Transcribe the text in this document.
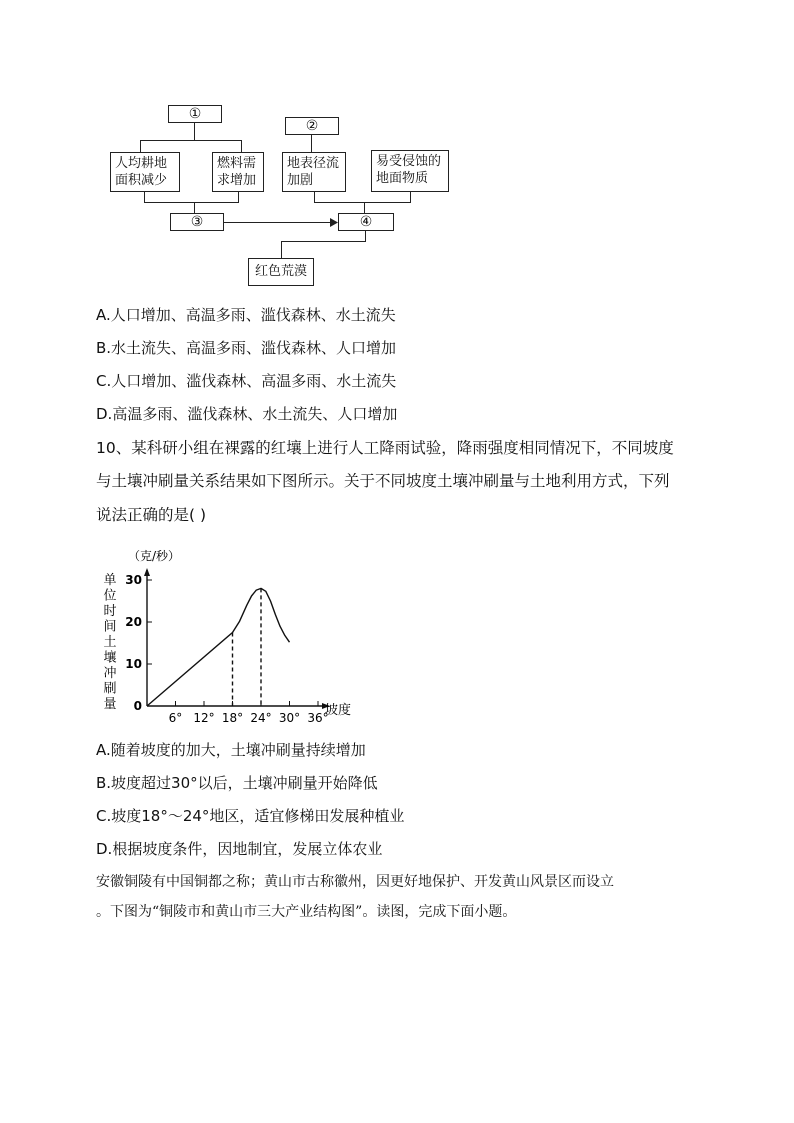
①
人均耕地
面积减少
燃料需
求增加
③
②
地表径流
加剧
易受侵蚀的
地面物质
④
红色荒漠
A.人口增加、高温多雨、滥伐森林、水土流失
B.水土流失、高温多雨、滥伐森林、人口增加
C.人口增加、滥伐森林、高温多雨、水土流失
D.高温多雨、滥伐森林、水土流失、人口增加
10、某科研小组在裸露的红壤上进行人工降雨试验，降雨强度相同情况下，不同坡度
与土壤冲刷量关系结果如下图所示。关于不同坡度土壤冲刷量与土地利用方式，下列
说法正确的是( )
（克/秒）
单
位
时
间
土
壤
冲
刷
量 0
10
20
30
6° 12° 18° 24° 30° 36°
坡度
A.随着坡度的加大，土壤冲刷量持续增加
B.坡度超过30°以后，土壤冲刷量开始降低
C.坡度18°～24°地区，适宜修梯田发展种植业
D.根据坡度条件，因地制宜，发展立体农业
安徽铜陵有中国铜都之称；黄山市古称徽州，因更好地保护、开发黄山风景区而设立
。下图为“铜陵市和黄山市三大产业结构图”。读图，完成下面小题。
